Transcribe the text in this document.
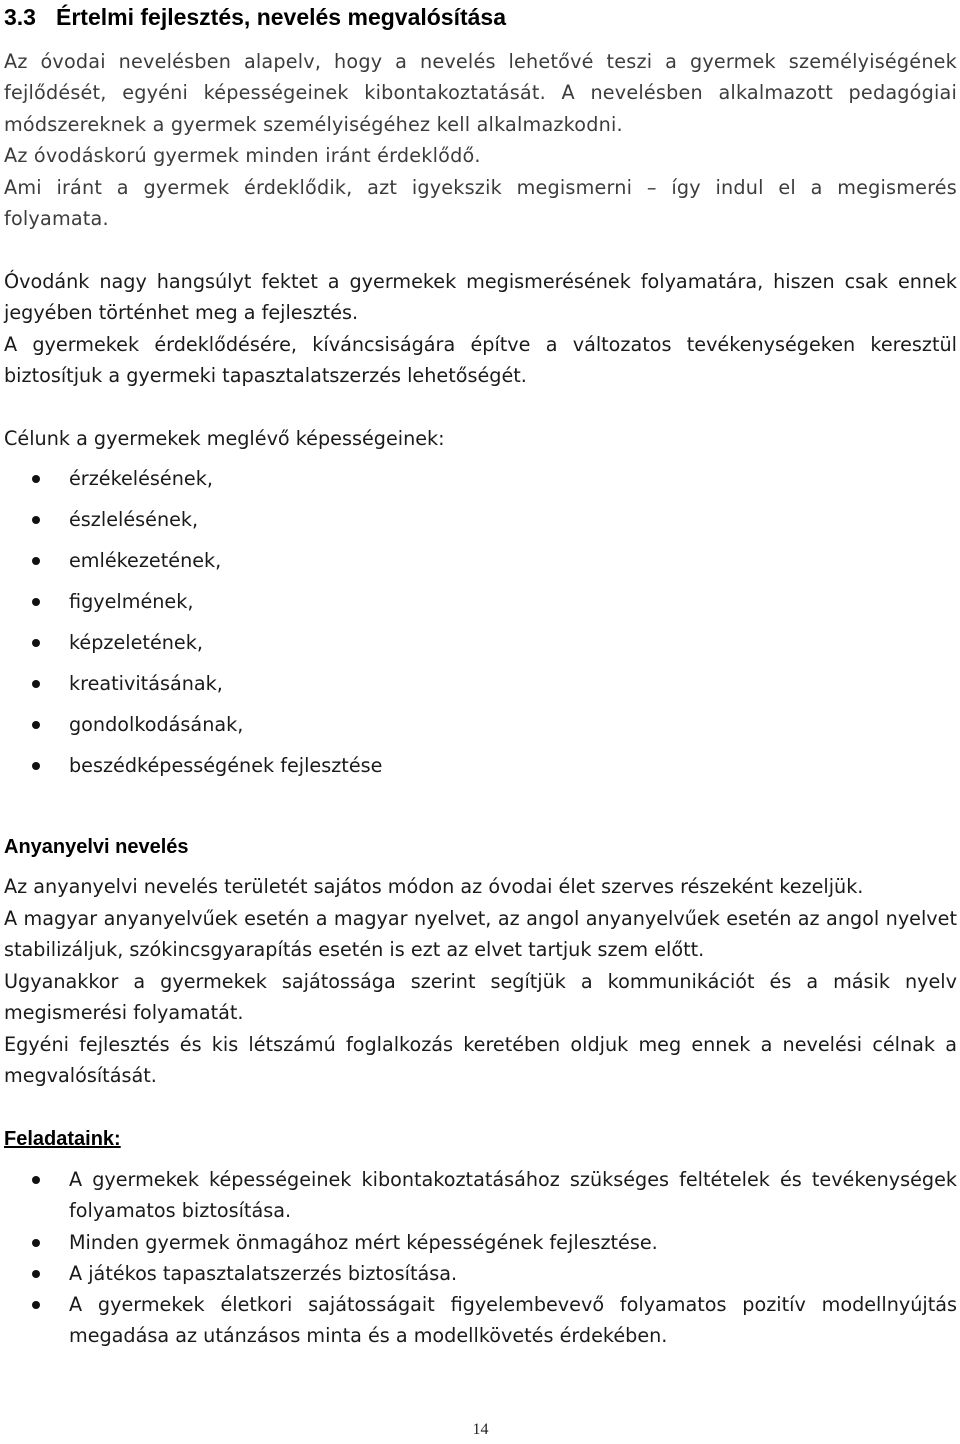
3.3 Értelmi fejlesztés, nevelés megvalósítása

Az óvodai nevelésben alapelv, hogy a nevelés lehetővé teszi a gyermek személyiségének fejlődését, egyéni képességeinek kibontakoztatását. A nevelésben alkalmazott pedagógiai módszereknek a gyermek személyiségéhez kell alkalmazkodni.

Az óvodáskorú gyermek minden iránt érdeklődő.

Ami iránt a gyermek érdeklődik, azt igyekszik megismerni – így indul el a megismerés folyamata.

Óvodánk nagy hangsúlyt fektet a gyermekek megismerésének folyamatára, hiszen csak ennek jegyében történhet meg a fejlesztés.

A gyermekek érdeklődésére, kíváncsiságára építve a változatos tevékenységeken keresztül biztosítjuk a gyermeki tapasztalatszerzés lehetőségét.

Célunk a gyermekek meglévő képességeinek:

érzékelésének,
észlelésének,
emlékezetének,
figyelmének,
képzeletének,
kreativitásának,
gondolkodásának,
beszédképességének fejlesztése
Anyanyelvi nevelés

Az anyanyelvi nevelés területét sajátos módon az óvodai élet szerves részeként kezeljük.

A magyar anyanyelvűek esetén a magyar nyelvet, az angol anyanyelvűek esetén az angol nyelvet stabilizáljuk, szókincsgyarapítás esetén is ezt az elvet tartjuk szem előtt.

Ugyanakkor a gyermekek sajátossága szerint segítjük a kommunikációt és a másik nyelv megismerési folyamatát.

Egyéni fejlesztés és kis létszámú foglalkozás keretében oldjuk meg ennek a nevelési célnak a megvalósítását.

Feladataink:
A gyermekek képességeinek kibontakoztatásához szükséges feltételek és tevékenységek folyamatos biztosítása.
Minden gyermek önmagához mért képességének fejlesztése.
A játékos tapasztalatszerzés biztosítása.
A gyermekek életkori sajátosságait figyelembevevő folyamatos pozitív modellnyújtás megadása az utánzásos minta és a modellkövetés érdekében.
14
